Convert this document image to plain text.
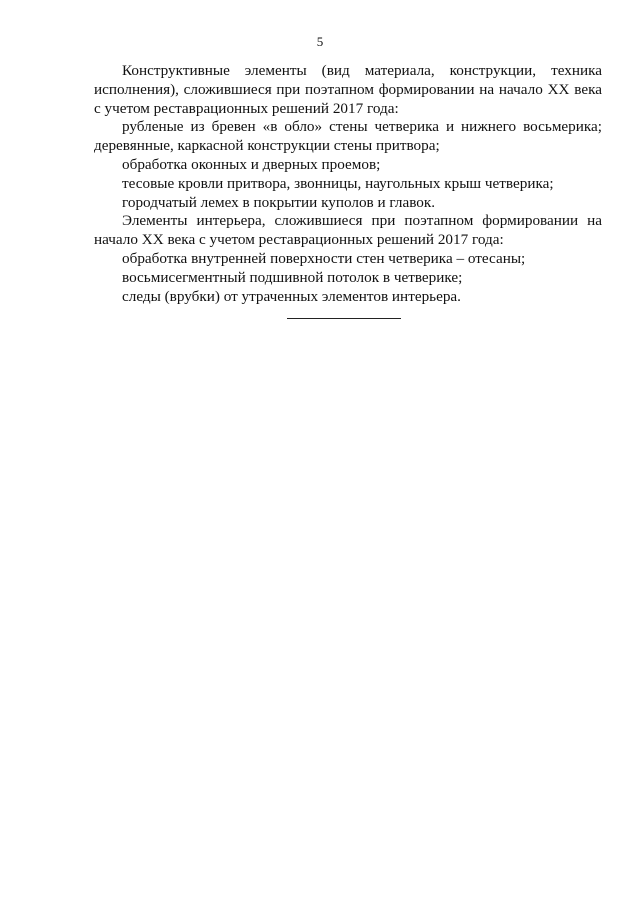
5

Конструктивные элементы (вид материала, конструкции, техника исполнения), сложившиеся при поэтапном формировании на начало XX века с учетом реставрационных решений 2017 года:

рубленые из бревен «в обло» стены четверика и нижнего восьмерика; деревянные, каркасной конструкции стены притвора;

обработка оконных и дверных проемов;

тесовые кровли притвора, звонницы, наугольных крыш четверика;

городчатый лемех в покрытии куполов и главок.

Элементы интерьера, сложившиеся при поэтапном формировании на начало XX века с учетом реставрационных решений 2017 года:

обработка внутренней поверхности стен четверика – отесаны;

восьмисегментный подшивной потолок в четверике;

следы (врубки) от утраченных элементов интерьера.
